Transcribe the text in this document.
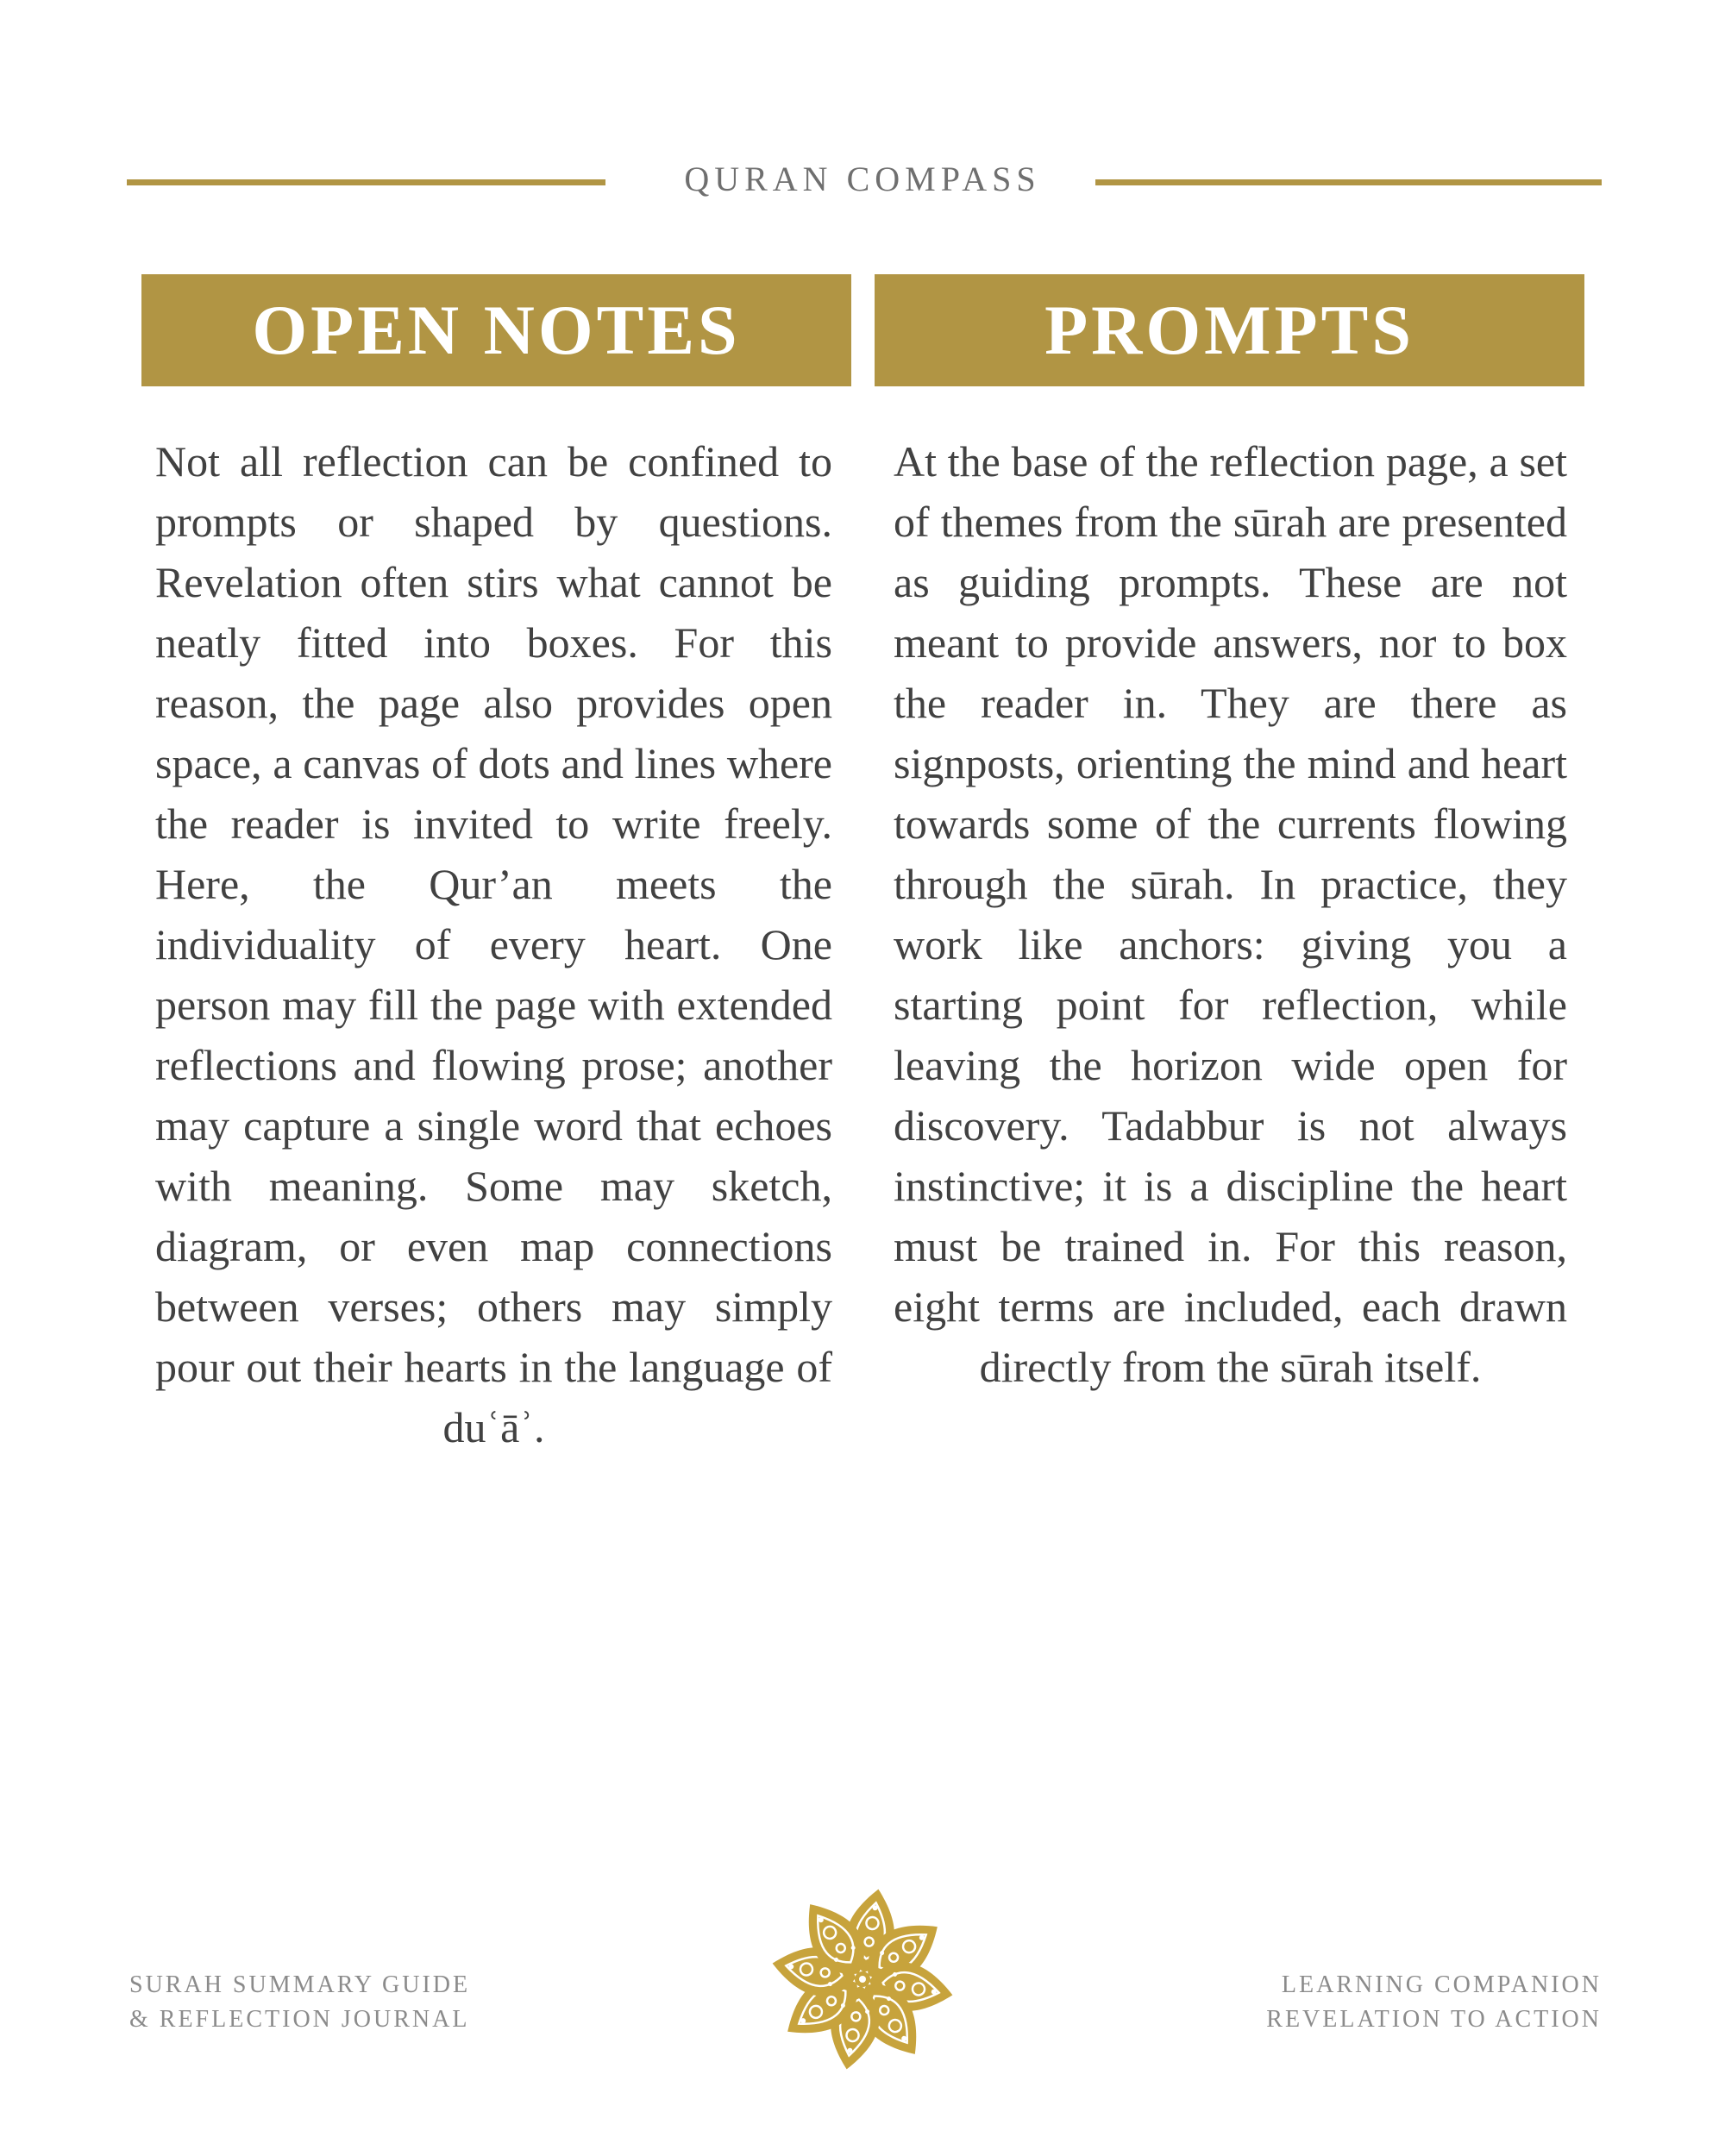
QURAN COMPASS
OPEN NOTES	PROMPTS

Not all reflection can be confined to prompts or shaped by questions. Revelation often stirs what cannot be neatly fitted into boxes. For this reason, the page also provides open space, a canvas of dots and lines where the reader is invited to write freely. Here, the Qur’an meets the individuality of every heart. One person may fill the page with extended reflections and flowing prose; another may capture a single word that echoes with meaning. Some may sketch, diagram, or even map connections between verses; others may simply pour out their hearts in the language of duʿāʾ.

At the base of the reflection page, a set of themes from the sūrah are presented as guiding prompts. These are not meant to provide answers, nor to box the reader in. They are there as signposts, orienting the mind and heart towards some of the currents flowing through the sūrah. In practice, they work like anchors: giving you a starting point for reflection, while leaving the horizon wide open for discovery. Tadabbur is not always instinctive; it is a discipline the heart must be trained in. For this reason, eight terms are included, each drawn directly from the sūrah itself.

SURAH SUMMARY GUIDE
& REFLECTION JOURNAL
LEARNING COMPANION
REVELATION TO ACTION
